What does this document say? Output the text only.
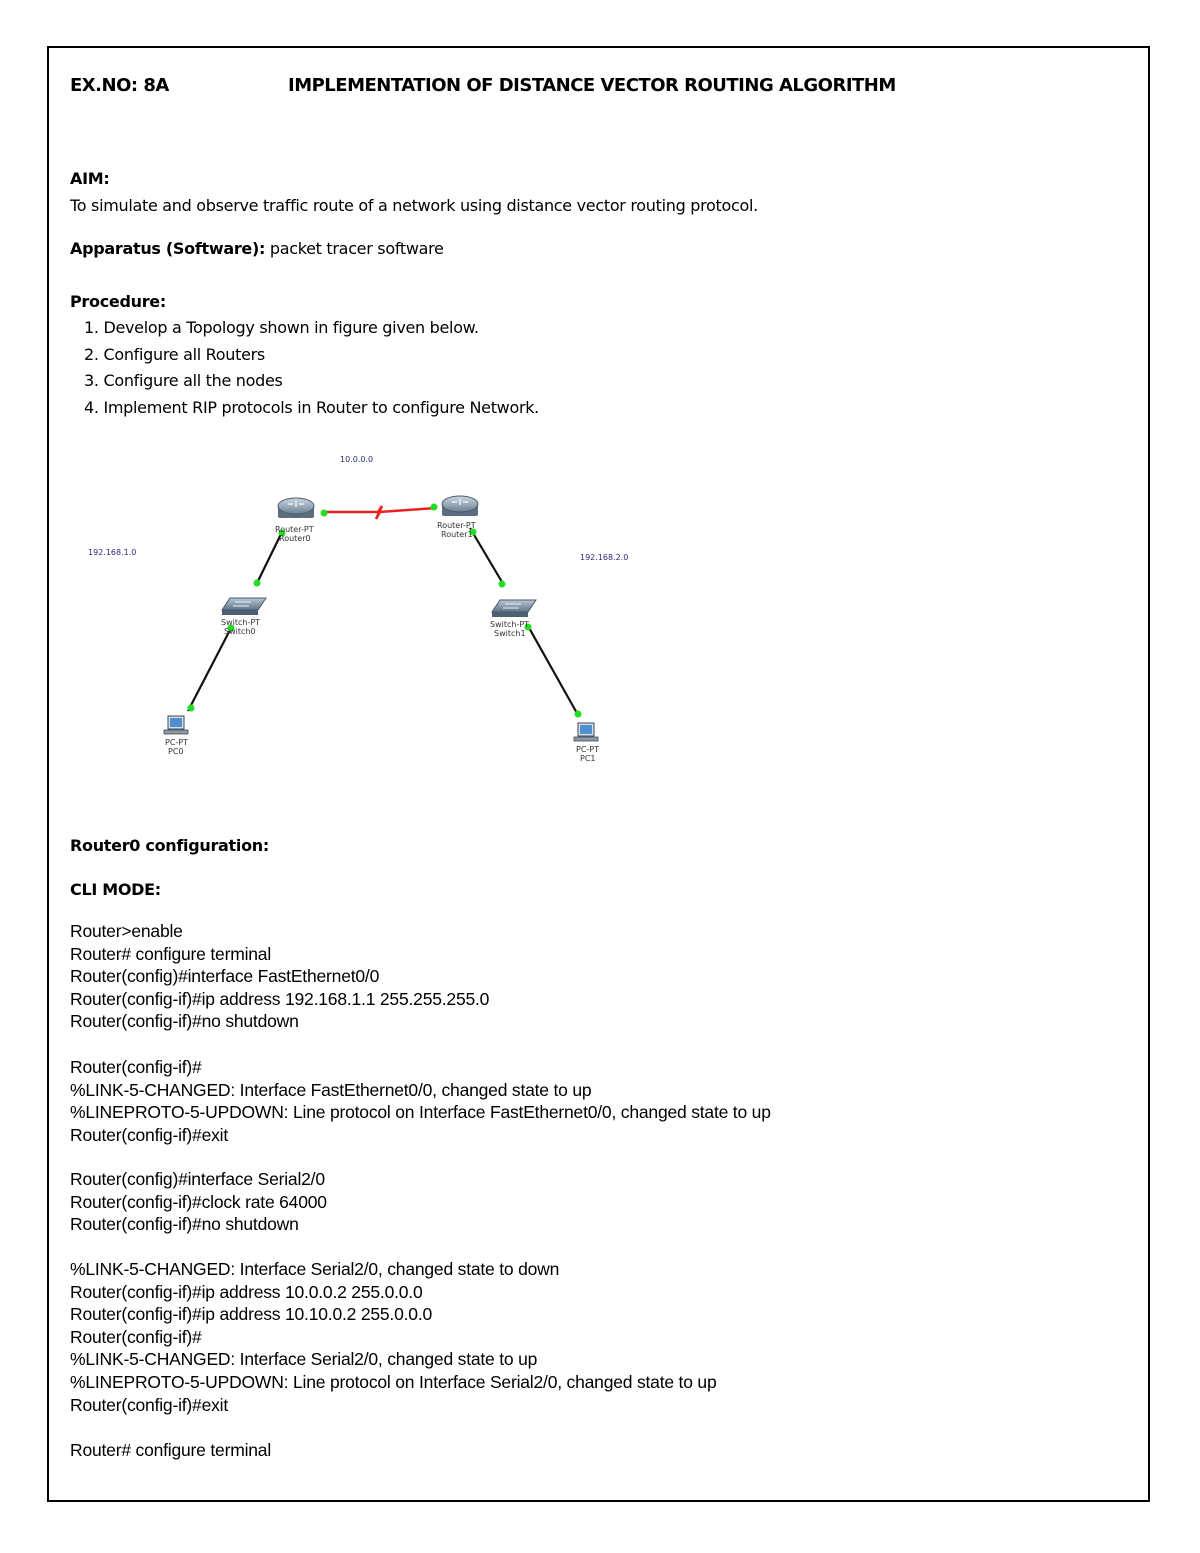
EX.NO: 8A	IMPLEMENTATION OF DISTANCE VECTOR ROUTING ALGORITHM
AIM:
To simulate and observe traffic route of a network using distance vector routing protocol.
Apparatus (Software): packet tracer software
Procedure:
1. Develop a Topology shown in figure given below.
2. Configure all Routers
3. Configure all the nodes
4. Implement RIP protocols in Router to configure Network.
10.0.0.0
192.168.1.0
192.168.2.0
Router-PT
Router0
Router-PT
Router1
Switch-PT
Switch0
Switch-PT
Switch1
PC-PT
PC0	PC-PT
PC1
Router0 configuration:
CLI MODE:
Router>enable
Router# configure terminal
Router(config)#interface FastEthernet0/0
Router(config-if)#ip address 192.168.1.1 255.255.255.0
Router(config-if)#no shutdown
Router(config-if)#
%LINK-5-CHANGED: Interface FastEthernet0/0, changed state to up
%LINEPROTO-5-UPDOWN: Line protocol on Interface FastEthernet0/0, changed state to up
Router(config-if)#exit
Router(config)#interface Serial2/0
Router(config-if)#clock rate 64000
Router(config-if)#no shutdown
%LINK-5-CHANGED: Interface Serial2/0, changed state to down
Router(config-if)#ip address 10.0.0.2 255.0.0.0
Router(config-if)#ip address 10.10.0.2 255.0.0.0
Router(config-if)#
%LINK-5-CHANGED: Interface Serial2/0, changed state to up
%LINEPROTO-5-UPDOWN: Line protocol on Interface Serial2/0, changed state to up
Router(config-if)#exit
Router# configure terminal
